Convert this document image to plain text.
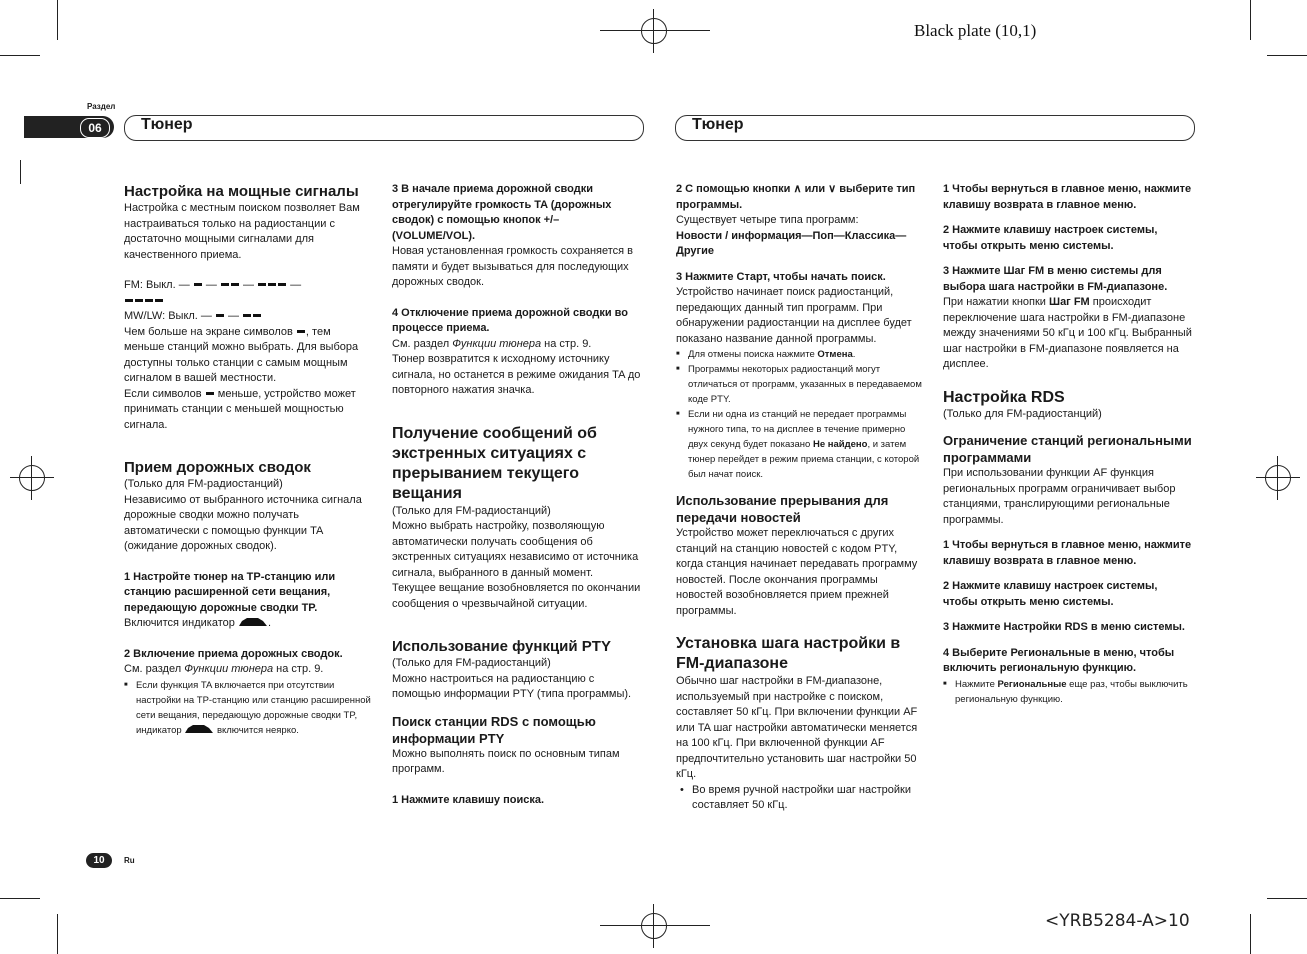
Black plate (10,1)
<YRB5284-A>10
Раздел
06	Тюнер	Тюнер
10	Ru

Настройка на мощные сигналы

Настройка с местным поиском позволяет Вам настраиваться только на радиостанции с достаточно мощными сигналами для качественного приема.

FM: Выкл. —  —  —	—

MW/LW: Выкл. —  —

Чем больше на экране символов , тем меньше станций можно выбрать. Для выбора доступны только станции с самым мощным сигналом в вашей местности.

Если символов меньше, устройство может принимать станции с меньшей мощностью сигнала.

Прием дорожных сводок

(Только для FM-радиостанций)

Независимо от выбранного источника сигнала дорожные сводки можно получать автоматически с помощью функции TA (ожидание дорожных сводок).

1 Настройте тюнер на TP-станцию или станцию расширенной сети вещания, передающую дорожные сводки TP.

Включится индикатор	.

2 Включение приема дорожных сводок.

См. раздел Функции тюнера на стр. 9.

■ Если функция TA включается при отсутствии настройки на TP-станцию или станцию расширенной сети вещания, передающую дорожные сводки TP, индикатор	включится неярко.

3 В начале приема дорожной сводки отрегулируйте громкость TA (дорожных сводок) с помощью кнопок +/– (VOLUME/VOL).

Новая установленная громкость сохраняется в памяти и будет вызываться для последующих дорожных сводок.

4 Отключение приема дорожной сводки во процессе приема.

См. раздел Функции тюнера на стр. 9.

Тюнер возвратится к исходному источнику сигнала, но останется в режиме ожидания TA до повторного нажатия значка.

Получение сообщений об экстренных ситуациях с прерыванием текущего вещания

(Только для FM-радиостанций)

Можно выбрать настройку, позволяющую автоматически получать сообщения об экстренных ситуациях независимо от источника сигнала, выбранного в данный момент.

Текущее вещание возобновляется по окончании сообщения о чрезвычайной ситуации.

Использование функций PTY

(Только для FM-радиостанций)

Можно настроиться на радиостанцию с помощью информации PTY (типа программы).

Поиск станции RDS с помощью информации PTY

Можно выполнять поиск по основным типам программ.

1 Нажмите клавишу поиска.

2 С помощью кнопки ∧ или ∨ выберите тип программы.

Существует четыре типа программ:

Новости / информация—Поп—Классика—Другие

3 Нажмите Старт, чтобы начать поиск.

Устройство начинает поиск радиостанций, передающих данный тип программ. При обнаружении радиостанции на дисплее будет показано название данной программы.

■ Для отмены поиска нажмите Отмена.

■ Программы некоторых радиостанций могут отличаться от программ, указанных в передаваемом коде PTY.

■ Если ни одна из станций не передает программы нужного типа, то на дисплее в течение примерно двух секунд будет показано Не найдено, и затем тюнер перейдет в режим приема станции, с которой был начат поиск.

Использование прерывания для передачи новостей

Устройство может переключаться с других станций на станцию новостей с кодом PTY, когда станция начинает передавать программу новостей. После окончания программы новостей возобновляется прием прежней программы.

Установка шага настройки в FM-диапазоне

Обычно шаг настройки в FM-диапазоне, используемый при настройке с поиском, составляет 50 кГц. При включении функции AF или TA шаг настройки автоматически меняется на 100 кГц. При включенной функции AF предпочтительно установить шаг настройки 50 кГц.

• Во время ручной настройки шаг настройки составляет 50 кГц.

1 Чтобы вернуться в главное меню, нажмите клавишу возврата в главное меню.

2 Нажмите клавишу настроек системы, чтобы открыть меню системы.

3 Нажмите Шаг FM в меню системы для выбора шага настройки в FM-диапазоне.

При нажатии кнопки Шаг FM происходит переключение шага настройки в FM-диапазоне между значениями 50 кГц и 100 кГц. Выбранный шаг настройки в FM-диапазоне появляется на дисплее.

Настройка RDS

(Только для FM-радиостанций)

Ограничение станций региональными программами

При использовании функции AF функция региональных программ ограничивает выбор станциями, транслирующими региональные программы.

1 Чтобы вернуться в главное меню, нажмите клавишу возврата в главное меню.

2 Нажмите клавишу настроек системы, чтобы открыть меню системы.

3 Нажмите Настройки RDS в меню системы.

4 Выберите Региональные в меню, чтобы включить региональную функцию.

■ Нажмите Региональные еще раз, чтобы выключить региональную функцию.
